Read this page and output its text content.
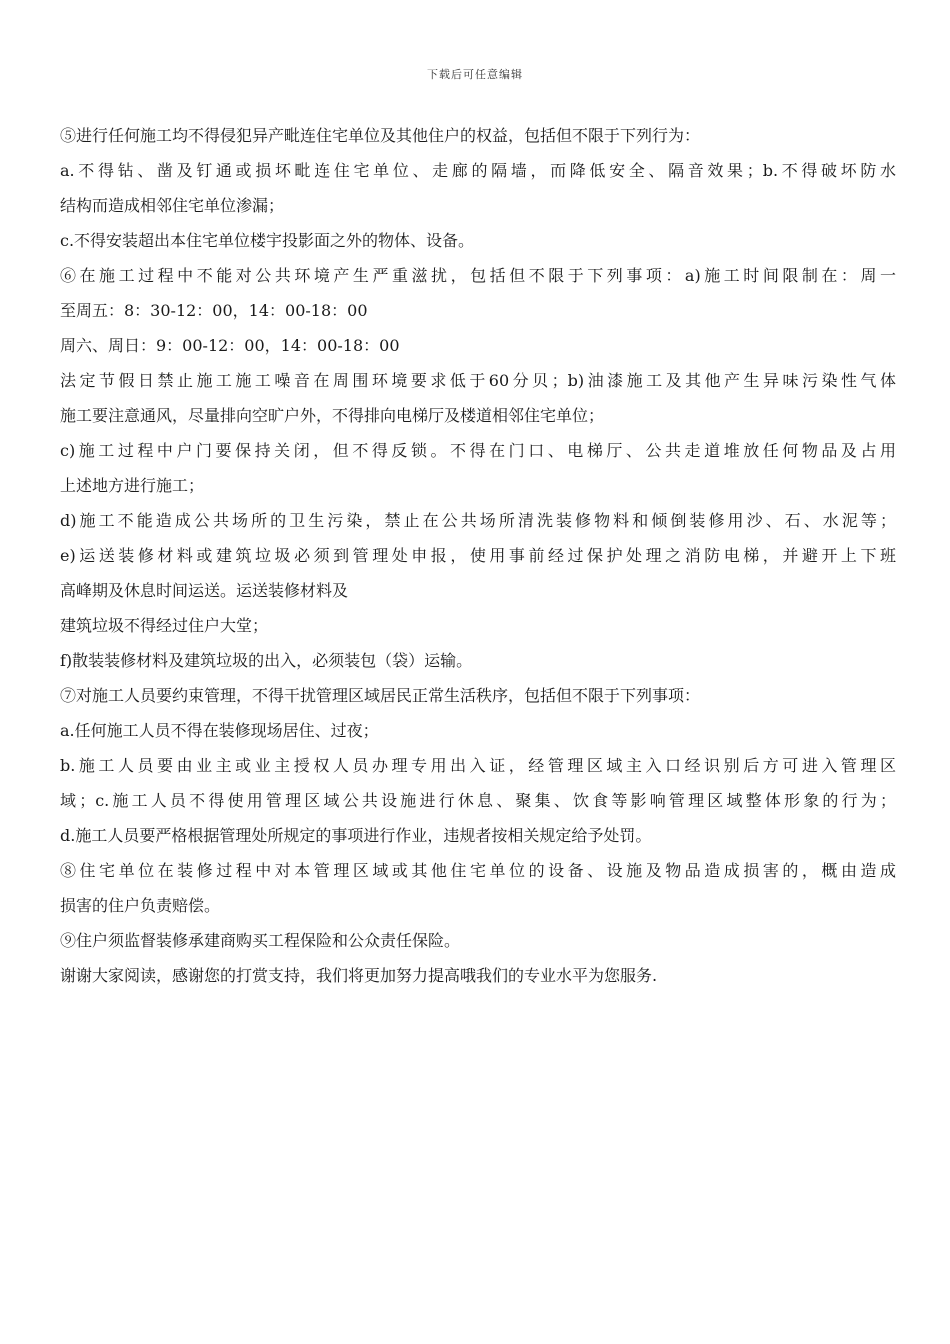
下载后可任意编辑
⑤进行任何施工均不得侵犯异产毗连住宅单位及其他住户的权益，包括但不限于下列行为：
a.不得钻、凿及钉通或损坏毗连住宅单位、走廊的隔墙，而降低安全、隔音效果；b.不得破坏防水
结构而造成相邻住宅单位渗漏；
c.不得安装超出本住宅单位楼宇投影面之外的物体、设备。
⑥在施工过程中不能对公共环境产生严重滋扰，包括但不限于下列事项：a)施工时间限制在：周一
至周五：8：30-12：00，14：00-18：00
周六、周日：9：00-12：00，14：00-18：00
法定节假日禁止施工施工噪音在周围环境要求低于60分贝；b)油漆施工及其他产生异味污染性气体
施工要注意通风，尽量排向空旷户外，不得排向电梯厅及楼道相邻住宅单位；
c)施工过程中户门要保持关闭，但不得反锁。不得在门口、电梯厅、公共走道堆放任何物品及占用
上述地方进行施工；
d)施工不能造成公共场所的卫生污染，禁止在公共场所清洗装修物料和倾倒装修用沙、石、水泥等；
e)运送装修材料或建筑垃圾必须到管理处申报，使用事前经过保护处理之消防电梯，并避开上下班
高峰期及休息时间运送。运送装修材料及
建筑垃圾不得经过住户大堂；
f)散装装修材料及建筑垃圾的出入，必须装包（袋）运输。
⑦对施工人员要约束管理，不得干扰管理区域居民正常生活秩序，包括但不限于下列事项：
a.任何施工人员不得在装修现场居住、过夜；
b.施工人员要由业主或业主授权人员办理专用出入证，经管理区域主入口经识别后方可进入管理区
域；c.施工人员不得使用管理区域公共设施进行休息、聚集、饮食等影响管理区域整体形象的行为；
d.施工人员要严格根据管理处所规定的事项进行作业，违规者按相关规定给予处罚。
⑧住宅单位在装修过程中对本管理区域或其他住宅单位的设备、设施及物品造成损害的，概由造成
损害的住户负责赔偿。
⑨住户须监督装修承建商购买工程保险和公众责任保险。
谢谢大家阅读，感谢您的打赏支持，我们将更加努力提高哦我们的专业水平为您服务.
